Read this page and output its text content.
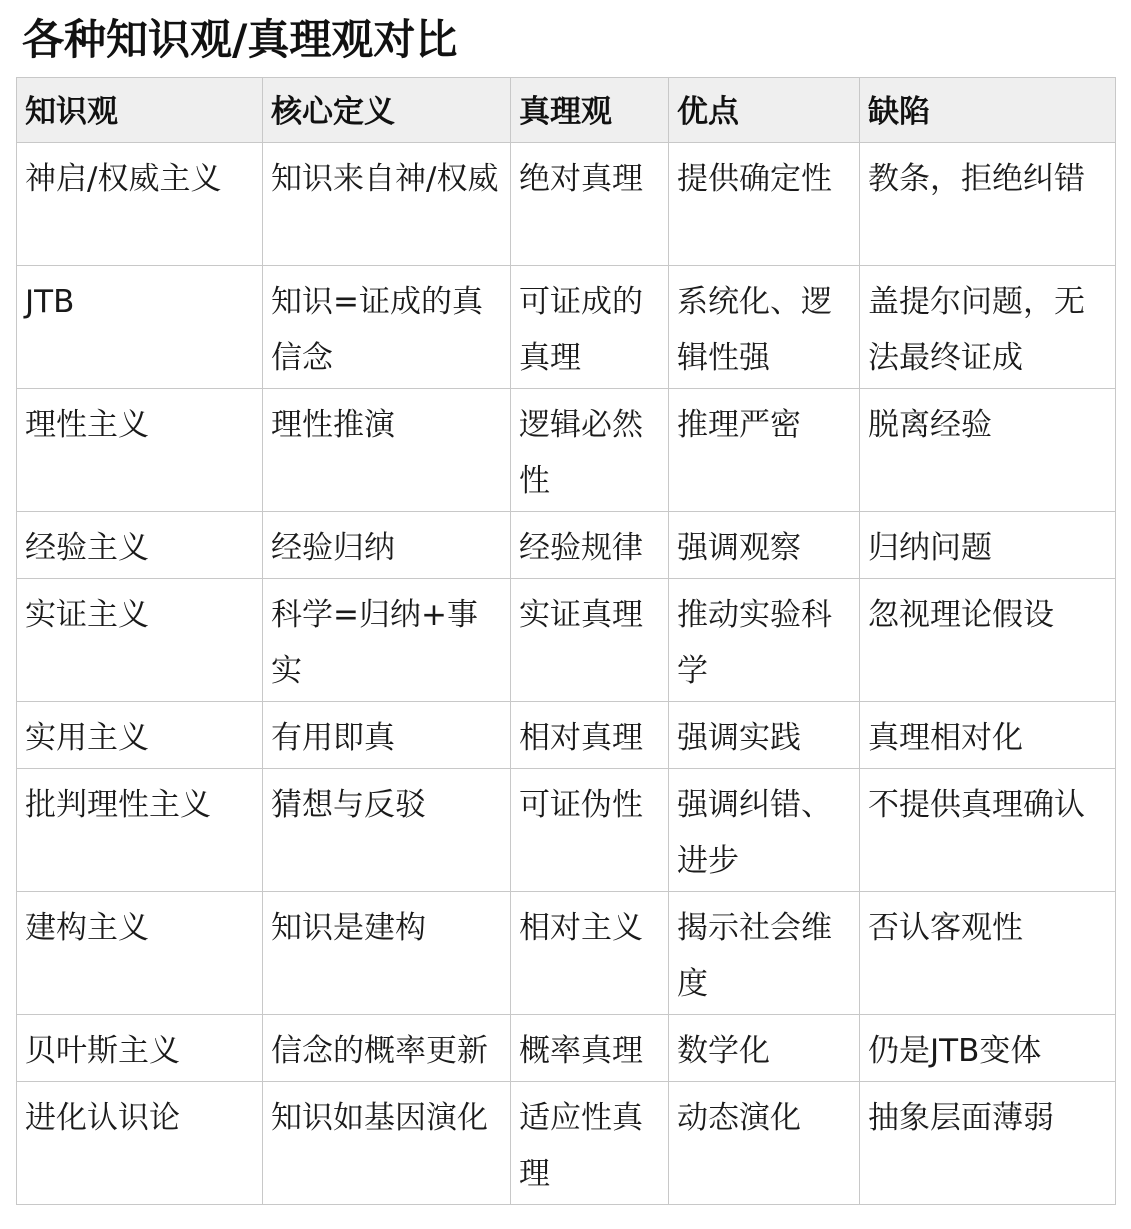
各种知识观/真理观对比
知识观	核心定义	真理观	优点	缺陷
神启/权威主义	知识来自神/权威	绝对真理	提供确定性	教条，拒绝纠错
JTB	知识=证成的真信念	可证成的真理	系统化、逻辑性强	盖提尔问题，无法最终证成
理性主义	理性推演	逻辑必然性	推理严密	脱离经验
经验主义	经验归纳	经验规律	强调观察	归纳问题
实证主义	科学=归纳+事实	实证真理	推动实验科学	忽视理论假设
实用主义	有用即真	相对真理	强调实践	真理相对化
批判理性主义	猜想与反驳	可证伪性	强调纠错、进步	不提供真理确认
建构主义	知识是建构	相对主义	揭示社会维度	否认客观性
贝叶斯主义	信念的概率更新	概率真理	数学化	仍是JTB变体
进化认识论	知识如基因演化	适应性真理	动态演化	抽象层面薄弱
